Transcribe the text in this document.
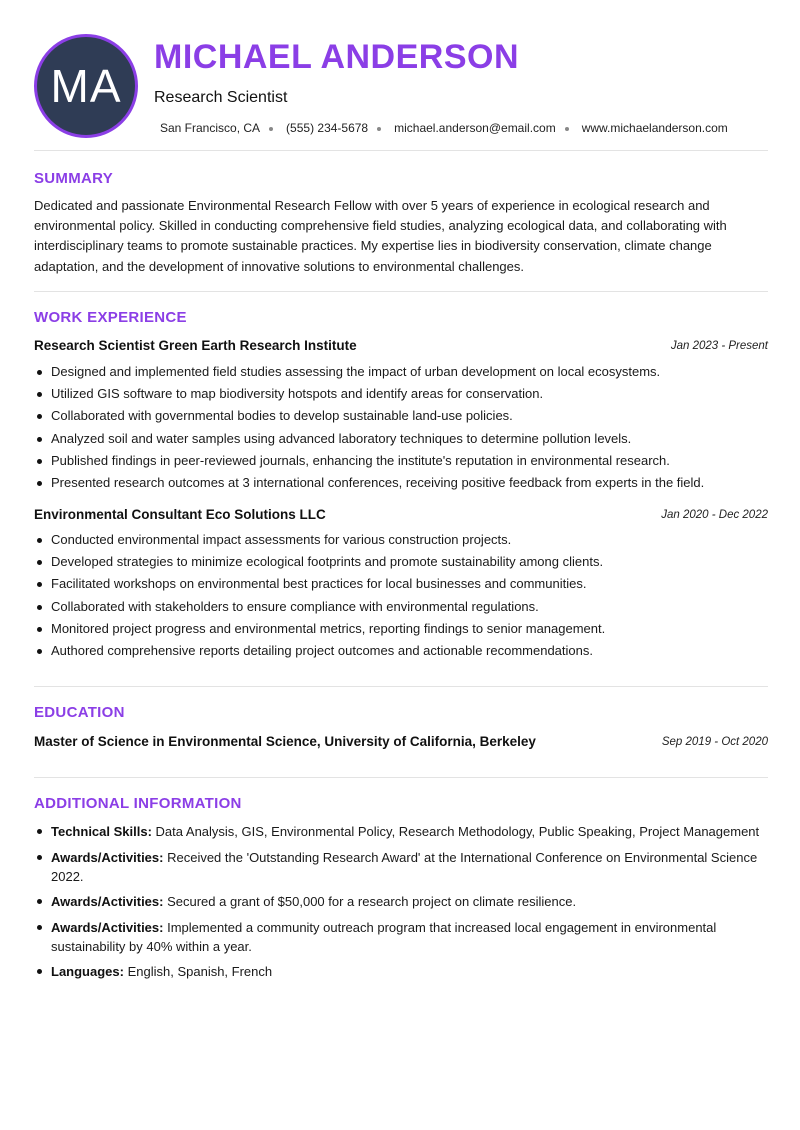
MA
MICHAEL ANDERSON
Research Scientist
San Francisco, CA (555) 234-5678 michael.anderson@email.com www.michaelanderson.com
SUMMARY
Dedicated and passionate Environmental Research Fellow with over 5 years of experience in ecological research and environmental policy. Skilled in conducting comprehensive field studies, analyzing ecological data, and collaborating with interdisciplinary teams to promote sustainable practices. My expertise lies in biodiversity conservation, climate change adaptation, and the development of innovative solutions to environmental challenges.
WORK EXPERIENCE
Research Scientist Green Earth Research Institute	Jan 2023 - Present
Designed and implemented field studies assessing the impact of urban development on local ecosystems.
Utilized GIS software to map biodiversity hotspots and identify areas for conservation.
Collaborated with governmental bodies to develop sustainable land-use policies.
Analyzed soil and water samples using advanced laboratory techniques to determine pollution levels.
Published findings in peer-reviewed journals, enhancing the institute's reputation in environmental research.
Presented research outcomes at 3 international conferences, receiving positive feedback from experts in the field.
Environmental Consultant Eco Solutions LLC	Jan 2020 - Dec 2022
Conducted environmental impact assessments for various construction projects.
Developed strategies to minimize ecological footprints and promote sustainability among clients.
Facilitated workshops on environmental best practices for local businesses and communities.
Collaborated with stakeholders to ensure compliance with environmental regulations.
Monitored project progress and environmental metrics, reporting findings to senior management.
Authored comprehensive reports detailing project outcomes and actionable recommendations.
EDUCATION
Master of Science in Environmental Science, University of California, Berkeley	Sep 2019 - Oct 2020
ADDITIONAL INFORMATION
Technical Skills: Data Analysis, GIS, Environmental Policy, Research Methodology, Public Speaking, Project Management
Awards/Activities: Received the 'Outstanding Research Award' at the International Conference on Environmental Science 2022.
Awards/Activities: Secured a grant of $50,000 for a research project on climate resilience.
Awards/Activities: Implemented a community outreach program that increased local engagement in environmental sustainability by 40% within a year.
Languages: English, Spanish, French
